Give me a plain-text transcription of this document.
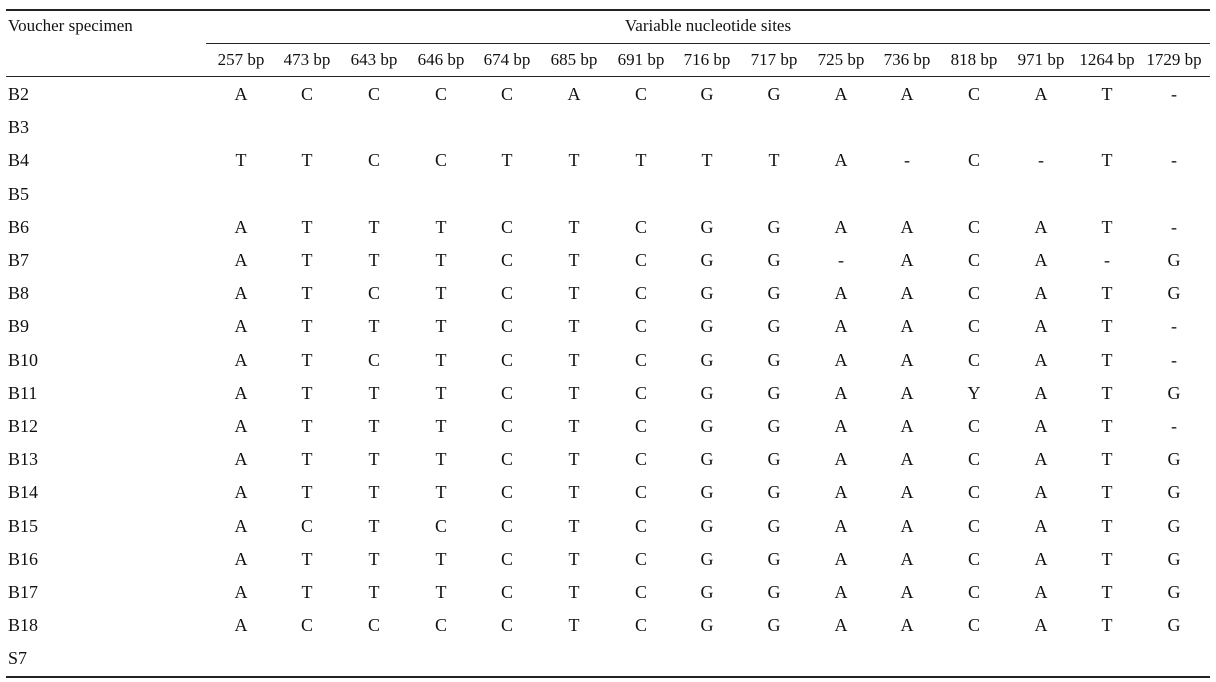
Voucher specimen	Variable nucleotide sites
257 bp 473 bp 643 bp 646 bp 674 bp 685 bp 691 bp 716 bp 717 bp 725 bp 736 bp 818 bp 971 bp 1264 bp 1729 bp
B2	A	C	C	C	C	A	C	G	G	A	A	C	A	T	-
B3
B4	T	T	C	C	T	T	T	T	T	A	-	C	-	T	-
B5
B6	A	T	T	T	C	T	C	G	G	A	A	C	A	T	-
B7	A	T	T	T	C	T	C	G	G	-	A	C	A	-	G
B8	A	T	C	T	C	T	C	G	G	A	A	C	A	T	G
B9	A	T	T	T	C	T	C	G	G	A	A	C	A	T	-
B10	A	T	C	T	C	T	C	G	G	A	A	C	A	T	-
B11	A	T	T	T	C	T	C	G	G	A	A	Y	A	T	G
B12	A	T	T	T	C	T	C	G	G	A	A	C	A	T	-
B13	A	T	T	T	C	T	C	G	G	A	A	C	A	T	G
B14	A	T	T	T	C	T	C	G	G	A	A	C	A	T	G
B15	A	C	T	C	C	T	C	G	G	A	A	C	A	T	G
B16	A	T	T	T	C	T	C	G	G	A	A	C	A	T	G
B17	A	T	T	T	C	T	C	G	G	A	A	C	A	T	G
B18	A	C	C	C	C	T	C	G	G	A	A	C	A	T	G
S7
